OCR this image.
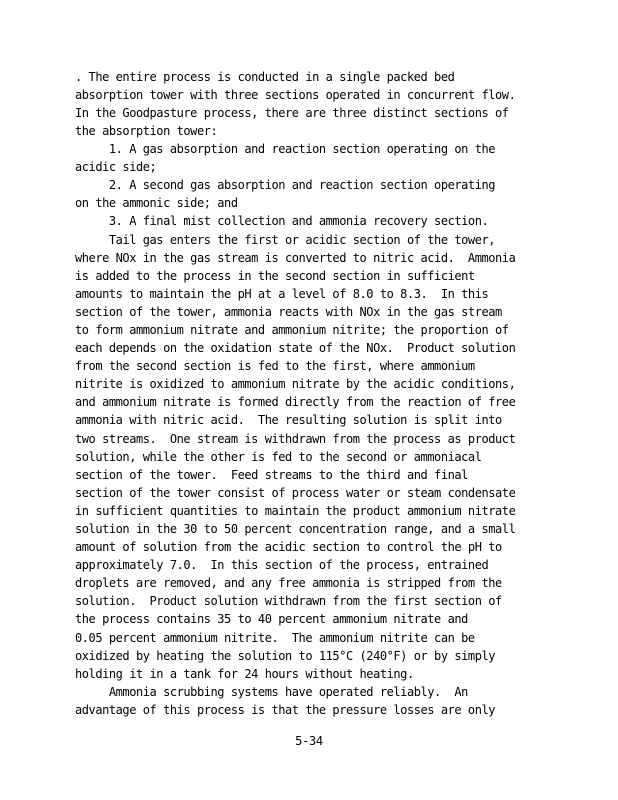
. The entire process is conducted in a single packed bed
absorption tower with three sections operated in concurrent flow.
In the Goodpasture process, there are three distinct sections of
the absorption tower:
1. A gas absorption and reaction section operating on the
acidic side;
2. A second gas absorption and reaction section operating
on the ammonic side; and
3. A final mist collection and ammonia recovery section.
Tail gas enters the first or acidic section of the tower,
where NOx in the gas stream is converted to nitric acid.  Ammonia
is added to the process in the second section in sufficient
amounts to maintain the pH at a level of 8.0 to 8.3.  In this
section of the tower, ammonia reacts with NOx in the gas stream
to form ammonium nitrate and ammonium nitrite; the proportion of
each depends on the oxidation state of the NOx.  Product solution
from the second section is fed to the first, where ammonium
nitrite is oxidized to ammonium nitrate by the acidic conditions,
and ammonium nitrate is formed directly from the reaction of free
ammonia with nitric acid.  The resulting solution is split into
two streams.  One stream is withdrawn from the process as product
solution, while the other is fed to the second or ammoniacal
section of the tower.  Feed streams to the third and final
section of the tower consist of process water or steam condensate
in sufficient quantities to maintain the product ammonium nitrate
solution in the 30 to 50 percent concentration range, and a small
amount of solution from the acidic section to control the pH to
approximately 7.0.  In this section of the process, entrained
droplets are removed, and any free ammonia is stripped from the
solution.  Product solution withdrawn from the first section of
the process contains 35 to 40 percent ammonium nitrate and
0.05 percent ammonium nitrite.  The ammonium nitrite can be
oxidized by heating the solution to 115°C (240°F) or by simply
holding it in a tank for 24 hours without heating.
Ammonia scrubbing systems have operated reliably.  An
advantage of this process is that the pressure losses are only
5-34
